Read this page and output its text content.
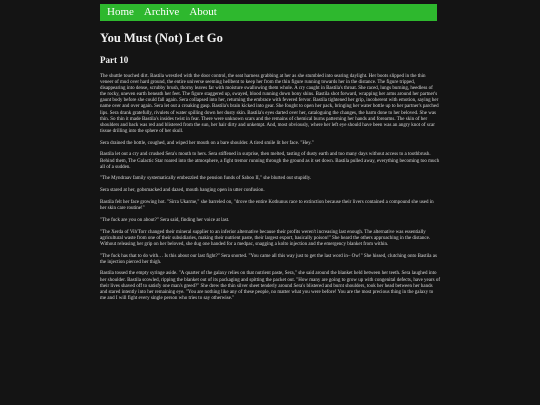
Home Archive About
You Must (Not) Let Go
Part 10

The shuttle touched dirt. Bastila wrestled with the door control, the seat harness grabbing at her as she stumbled into searing daylight. Her boots slipped in the thin veneer of mud over hard ground, the entire universe seeming hellbent to keep her from the thin figure running towards her in the distance. The figure tripped, disappearing into dense, scrubby brush, thorny leaves far with moisture swallowing them whole. A cry caught in Bastila's throat. She raced, lungs burning, heedless of the rocky, uneven earth beneath her feet. The figure staggered up, swayed, blood running down bony shins. Bastila shot forward, wrapping her arms around her partner's gaunt body before she could fall again. Sera collapsed into her, returning the embrace with fevered fervor. Bastila tightened her grip, incoherent with emotion, saying her name over and over again. Sera let out a croaking gasp. Bastila's brain kicked into gear. She fought to open her pack, bringing her water bottle up to her partner's parched lips. Sera drank gratefully, rivulets of water spilling down her dusty skin. Bastila's eyes darted over her, cataloguing the changes, the harm done to her beloved. She was thin. So thin it made Bastila's insides twist in fear. There were unknown scars and the remains of chemical burns patterning her hands and forearms. The skin of her shoulders and back was red and blistered from the sun, her hair dirty and unkempt. And, most obviously, where her left eye should have been was an angry knot of scar tissue drilling into the sphere of her skull.

Sera drained the bottle, coughed, and wiped her mouth on a bare shoulder. A tired smile lit her face. "Hey."

Bastila let out a cry and crushed Sera's mouth to hers. Sera stiffened in surprise, then melted, tasting of dusty earth and too many days without access to a toothbrush. Behind them, The Galactic Star roared into the atmosphere, a fight tremor running through the ground as it set down. Bastila pulled away, everything becoming too much all of a sudden.

"The Myndraav family systematically embezzled the pension funds of Saboo II," she blurted out stupidly.

Sera stared at her, gobsmacked and dazed, mouth hanging open in utter confusion.

Bastila felt her face growing hot. "Sirra Ukarme," she barreled on, "drove the entire Kothunus race to extinction because their livers contained a compound she used in her skin care routine!"

"The fuck are you on about?" Sera said, finding her voice at last.

"The Xerda of Vih'Torr changed their mineral supplier to an inferior alternative because their profits weren't increasing last enough. The alternative was essentially agricultural waste from one of their subsidiaries, making their nutrient paste, their largest export, basically poison!" She heard the others approaching in the distance. Without releasing her grip on her beloved, she dug one handed for a medpac, snagging a kolto injection and the emergency blanket from within.

"The fuck has that to do with… Is this about our last fight?" Sera snorted. "You came all this way just to get the last word in– Ow!" She hissed, clutching onto Bastila as the injection pierced her thigh.

Bastila tossed the empty syringe aside. "A quarter of the galaxy relies on that nutrient paste, Sera," she said around the blanket held between her teeth. Sera laughed into her shoulder. Bastila scowled, ripping the blanket out of its packaging and spitting the packet out. "How many are going to grow up with congenital defects, have years of their lives shaved off to satisfy one man's greed?" She drew the thin silver sheet tenderly around Sera's blistered and burnt shoulders, took her head between her hands and stared intently into her remaining eye. "You are nothing like any of these people, no matter what you were before! You are the most precious thing in the galaxy to me and I will fight every single person who tries to say otherwise."
